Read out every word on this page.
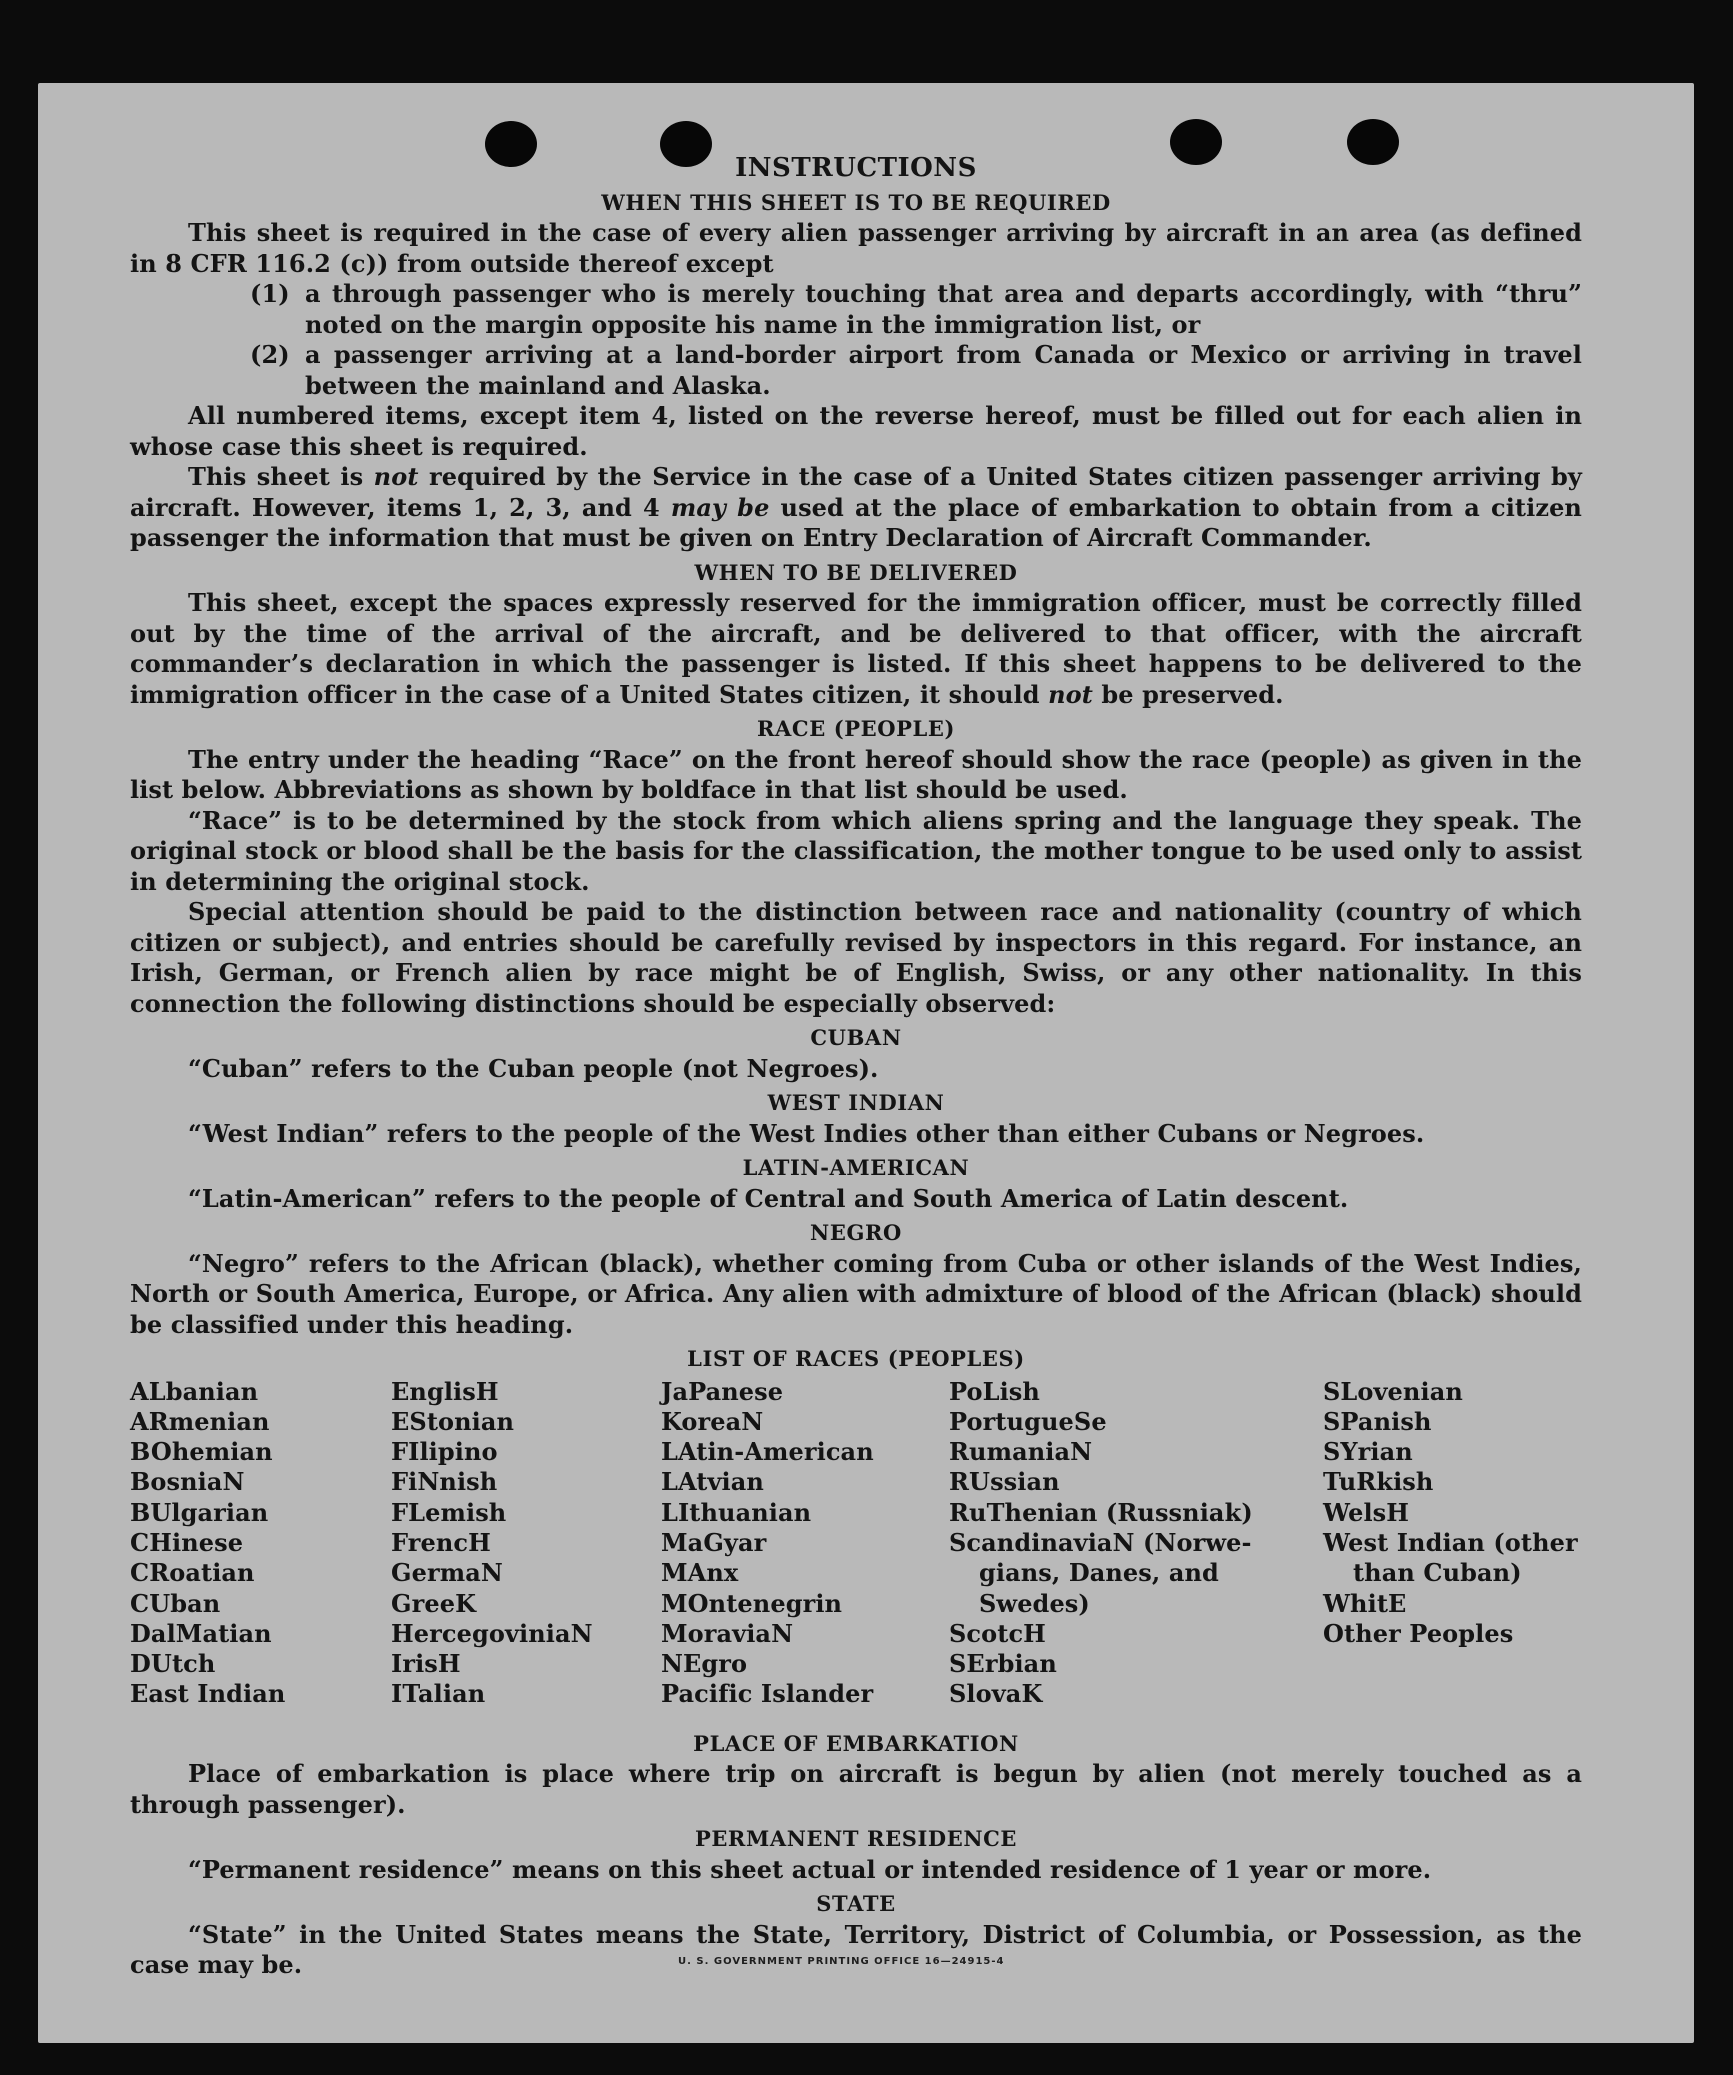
INSTRUCTIONS
WHEN THIS SHEET IS TO BE REQUIRED

This sheet is required in the case of every alien passenger arriving by aircraft in an area (as defined in 8 CFR 116.2 (c)) from outside thereof except

(1) a through passenger who is merely touching that area and departs accordingly, with “thru” noted on the margin opposite his name in the immigration list, or
(2) a passenger arriving at a land-border airport from Canada or Mexico or arriving in travel between the mainland and Alaska.

All numbered items, except item 4, listed on the reverse hereof, must be filled out for each alien in whose case this sheet is required.

This sheet is not required by the Service in the case of a United States citizen passenger arriving by aircraft. However, items 1, 2, 3, and 4 may be used at the place of embarkation to obtain from a citizen passenger the information that must be given on Entry Declaration of Aircraft Commander.

WHEN TO BE DELIVERED

This sheet, except the spaces expressly reserved for the immigration officer, must be correctly filled out by the time of the arrival of the aircraft, and be delivered to that officer, with the aircraft commander’s declaration in which the passenger is listed. If this sheet happens to be delivered to the immigration officer in the case of a United States citizen, it should not be preserved.

RACE (PEOPLE)

The entry under the heading “Race” on the front hereof should show the race (people) as given in the list below. Abbreviations as shown by boldface in that list should be used.

“Race” is to be determined by the stock from which aliens spring and the language they speak. The original stock or blood shall be the basis for the classification, the mother tongue to be used only to assist in determining the original stock.

Special attention should be paid to the distinction between race and nationality (country of which citizen or subject), and entries should be carefully revised by inspectors in this regard. For instance, an Irish, German, or French alien by race might be of English, Swiss, or any other nationality. In this connection the following distinctions should be especially observed:

CUBAN

“Cuban” refers to the Cuban people (not Negroes).

WEST INDIAN

“West Indian” refers to the people of the West Indies other than either Cubans or Negroes.

LATIN-AMERICAN

“Latin-American” refers to the people of Central and South America of Latin descent.

NEGRO

“Negro” refers to the African (black), whether coming from Cuba or other islands of the West Indies, North or South America, Europe, or Africa. Any alien with admixture of blood of the African (black) should be classified under this heading.

LIST OF RACES (PEOPLES)
ALbanian
ARmenian
BOhemian
BosniaN
BUlgarian
CHinese
CRoatian
CUban
DalMatian
DUtch
East Indian
EnglisH
EStonian
FIlipino
FiNnish
FLemish
FrencH
GermaN
GreeK
HercegoviniaN
IrisH
ITalian
JaPanese
KoreaN
LAtin-American
LAtvian
LIthuanian
MaGyar
MAnx
MOntenegrin
MoraviaN
NEgro
Pacific Islander
PoLish
PortugueSe
RumaniaN
RUssian
RuThenian (Russniak)
ScandinaviaN (Norwe-
gians, Danes, and
Swedes)
ScotcH
SErbian
SlovaK
SLovenian
SPanish
SYrian
TuRkish
WelsH
West Indian (other
than Cuban)
WhitE
Other Peoples
PLACE OF EMBARKATION

Place of embarkation is place where trip on aircraft is begun by alien (not merely touched as a through passenger).

PERMANENT RESIDENCE

“Permanent residence” means on this sheet actual or intended residence of 1 year or more.

STATE

“State” in the United States means the State, Territory, District of Columbia, or Possession, as the case may be.	U. S. GOVERNMENT PRINTING OFFICE 16—24915-4
